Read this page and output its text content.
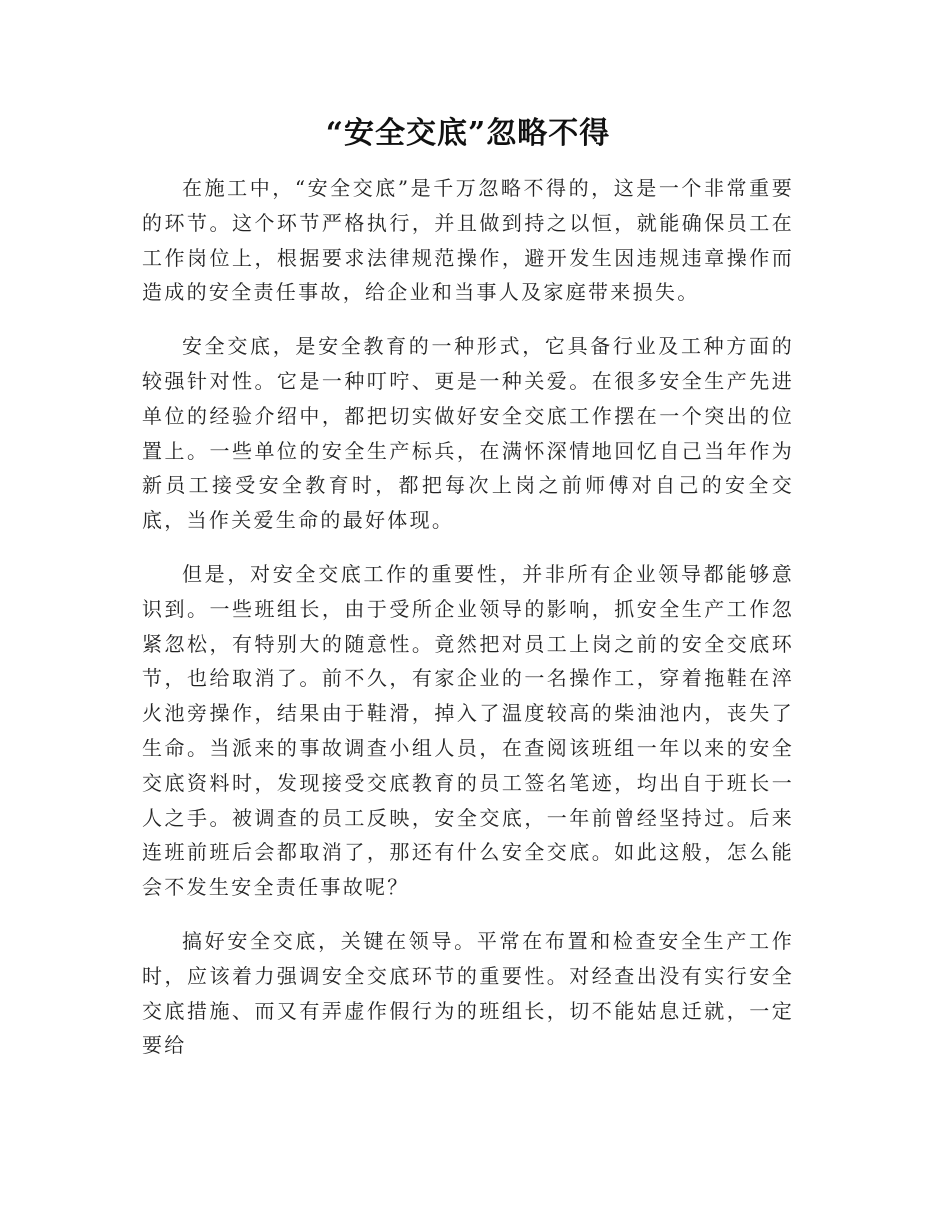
“安全交底”忽略不得

在施工中，“安全交底”是千万忽略不得的，这是一个非常重要的环节。这个环节严格执行，并且做到持之以恒，就能确保员工在工作岗位上，根据要求法律规范操作，避开发生因违规违章操作而造成的安全责任事故，给企业和当事人及家庭带来损失。

安全交底，是安全教育的一种形式，它具备行业及工种方面的较强针对性。它是一种叮咛、更是一种关爱。在很多安全生产先进单位的经验介绍中，都把切实做好安全交底工作摆在一个突出的位置上。一些单位的安全生产标兵，在满怀深情地回忆自己当年作为新员工接受安全教育时，都把每次上岗之前师傅对自己的安全交底，当作关爱生命的最好体现。

但是，对安全交底工作的重要性，并非所有企业领导都能够意识到。一些班组长，由于受所企业领导的影响，抓安全生产工作忽紧忽松，有特别大的随意性。竟然把对员工上岗之前的安全交底环节，也给取消了。前不久，有家企业的一名操作工，穿着拖鞋在淬火池旁操作，结果由于鞋滑，掉入了温度较高的柴油池内，丧失了生命。当派来的事故调查小组人员，在查阅该班组一年以来的安全交底资料时，发现接受交底教育的员工签名笔迹，均出自于班长一人之手。被调查的员工反映，安全交底，一年前曾经坚持过。后来连班前班后会都取消了，那还有什么安全交底。如此这般，怎么能会不发生安全责任事故呢？

搞好安全交底，关键在领导。平常在布置和检查安全生产工作时，应该着力强调安全交底环节的重要性。对经查出没有实行安全交底措施、而又有弄虚作假行为的班组长，切不能姑息迁就，一定要给
